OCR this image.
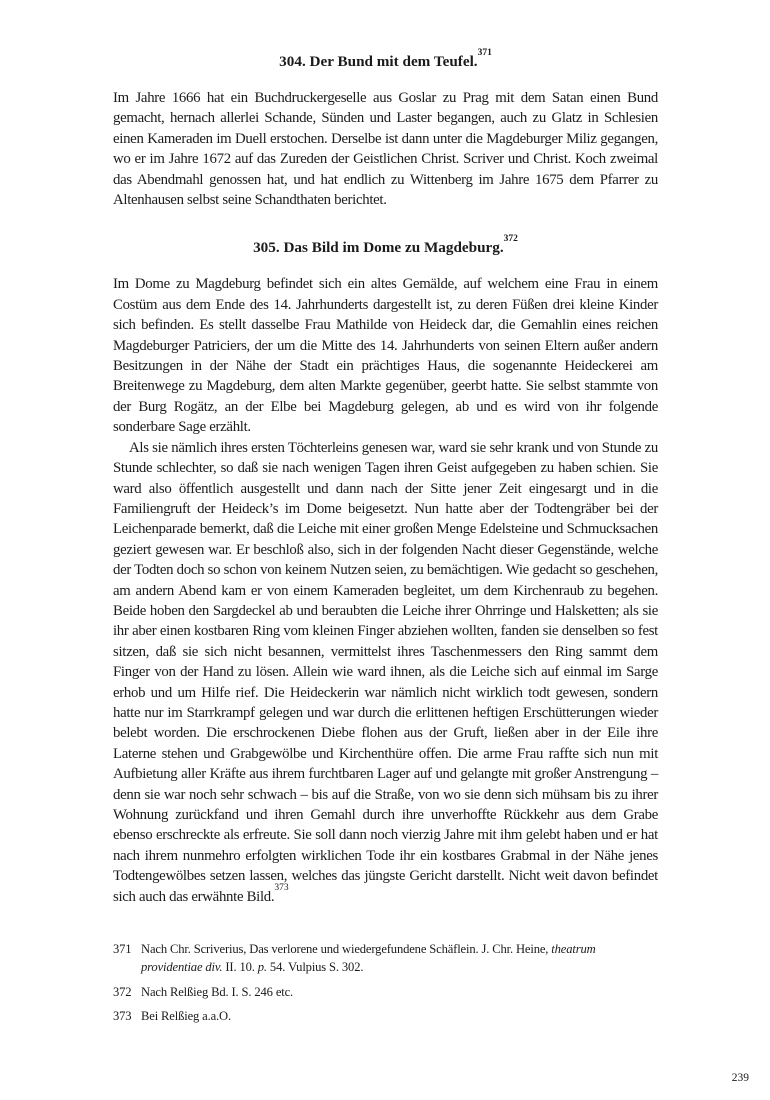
304. Der Bund mit dem Teufel.$^{371}$

Im Jahre 1666 hat ein Buchdruckergeselle aus Goslar zu Prag mit dem Satan einen Bund gemacht, hernach allerlei Schande, Sünden und Laster begangen, auch zu Glatz in Schlesien einen Kameraden im Duell erstochen. Derselbe ist dann unter die Magdeburger Miliz gegangen, wo er im Jahre 1672 auf das Zureden der Geistlichen Christ. Scriver und Christ. Koch zweimal das Abendmahl genossen hat, und hat endlich zu Wittenberg im Jahre 1675 dem Pfarrer zu Altenhausen selbst seine Schandthaten berichtet.

305. Das Bild im Dome zu Magdeburg.$^{372}$

Im Dome zu Magdeburg befindet sich ein altes Gemälde, auf welchem eine Frau in einem Costüm aus dem Ende des 14. Jahrhunderts dargestellt ist, zu deren Füßen drei kleine Kinder sich befinden. Es stellt dasselbe Frau Mathilde von Heideck dar, die Gemahlin eines reichen Magdeburger Patriciers, der um die Mitte des 14. Jahrhunderts von seinen Eltern außer andern Besitzungen in der Nähe der Stadt ein prächtiges Haus, die sogenannte Heideckerei am Breitenwege zu Magdeburg, dem alten Markte gegenüber, geerbt hatte. Sie selbst stammte von der Burg Rogätz, an der Elbe bei Magdeburg gelegen, ab und es wird von ihr folgende sonderbare Sage erzählt.

Als sie nämlich ihres ersten Töchterleins genesen war, ward sie sehr krank und von Stunde zu Stunde schlechter, so daß sie nach wenigen Tagen ihren Geist aufgegeben zu haben schien. Sie ward also öffentlich ausgestellt und dann nach der Sitte jener Zeit eingesargt und in die Familiengruft der Heideck’s im Dome beigesetzt. Nun hatte aber der Todtengräber bei der Leichenparade bemerkt, daß die Leiche mit einer großen Menge Edelsteine und Schmucksachen geziert gewesen war. Er beschloß also, sich in der folgenden Nacht dieser Gegenstände, welche der Todten doch so schon von keinem Nutzen seien, zu bemächtigen. Wie gedacht so geschehen, am andern Abend kam er von einem Kameraden begleitet, um dem Kirchenraub zu begehen. Beide hoben den Sargdeckel ab und beraubten die Leiche ihrer Ohrringe und Halsketten; als sie ihr aber einen kostbaren Ring vom kleinen Finger abziehen wollten, fanden sie denselben so fest sitzen, daß sie sich nicht besannen, vermittelst ihres Taschenmessers den Ring sammt dem Finger von der Hand zu lösen. Allein wie ward ihnen, als die Leiche sich auf einmal im Sarge erhob und um Hilfe rief. Die Heideckerin war nämlich nicht wirklich todt gewesen, sondern hatte nur im Starrkrampf gelegen und war durch die erlittenen heftigen Erschütterungen wieder belebt worden. Die erschrockenen Diebe flohen aus der Gruft, ließen aber in der Eile ihre Laterne stehen und Grabgewölbe und Kirchenthüre offen. Die arme Frau raffte sich nun mit Aufbietung aller Kräfte aus ihrem furchtbaren Lager auf und gelangte mit großer Anstrengung – denn sie war noch sehr schwach – bis auf die Straße, von wo sie denn sich mühsam bis zu ihrer Wohnung zurückfand und ihren Gemahl durch ihre unverhoffte Rückkehr aus dem Grabe ebenso erschreckte als erfreute. Sie soll dann noch vierzig Jahre mit ihm gelebt haben und er hat nach ihrem nunmehro erfolgten wirklichen Tode ihr ein kostbares Grabmal in der Nähe jenes Todtengewölbes setzen lassen, welches das jüngste Gericht darstellt. Nicht weit davon befindet sich auch das erwähnte Bild.$^{373}$

371 Nach Chr. Scriverius, Das verlorene und wiedergefundene Schäflein. J. Chr. Heine, theatrum providentiae div. II. 10. p. 54. Vulpius S. 302.
372 Nach Relßieg Bd. I. S. 246 etc.
373 Bei Relßieg a.a.O.
239
